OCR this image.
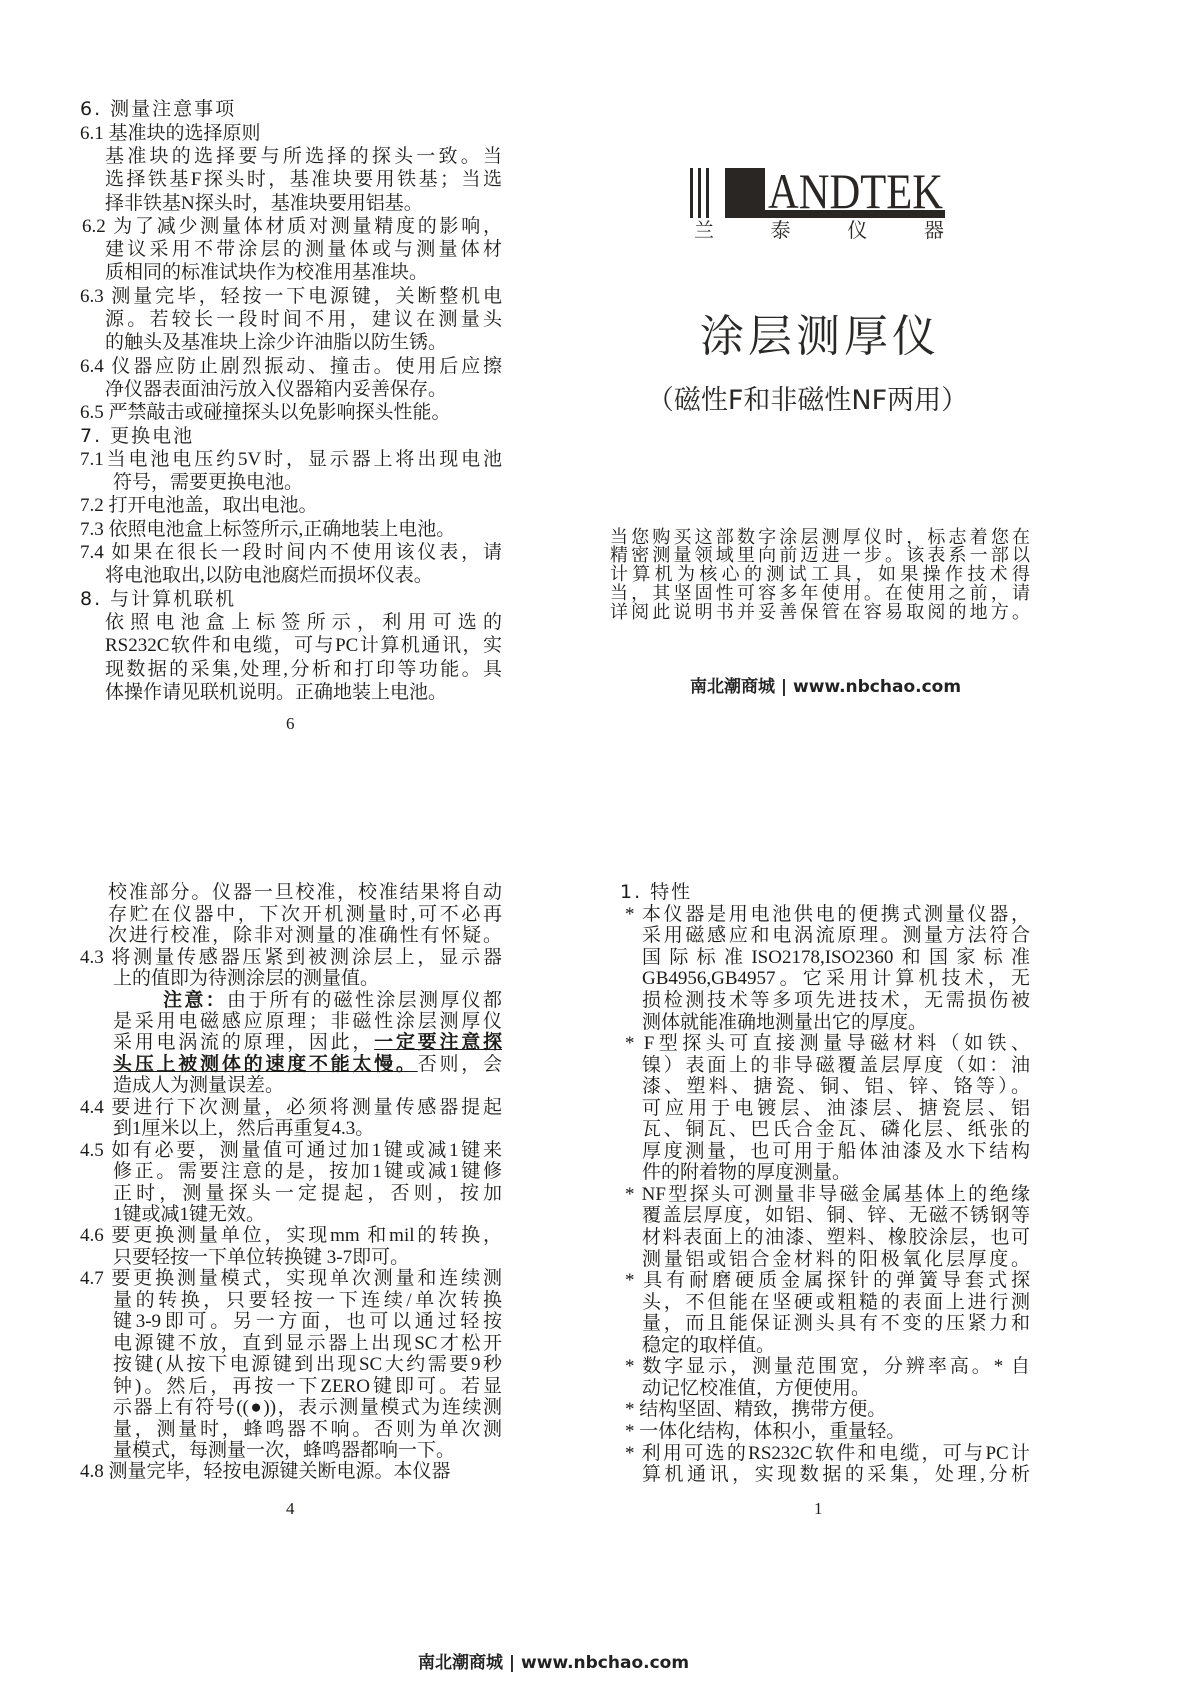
6. 测量注意事项
6.1 基准块的选择原则
基准块的选择要与所选择的探头一致。当
选择铁基F探头时，基准块要用铁基；当选
择非铁基N探头时，基准块要用铝基。
6.2 为了减少测量体材质对测量精度的影响，
建议采用不带涂层的测量体或与测量体材
质相同的标准试块作为校准用基准块。
6.3 测量完毕，轻按一下电源键，关断整机电
源。若较长一段时间不用，建议在测量头
的触头及基准块上涂少许油脂以防生锈。
6.4 仪器应防止剧烈振动、撞击。使用后应擦
净仪器表面油污放入仪器箱内妥善保存。
6.5 严禁敲击或碰撞探头以免影响探头性能。
7. 更换电池
7.1当电池电压约5V时，显示器上将出现电池
符号，需要更换电池。
7.2 打开电池盖，取出电池。
7.3 依照电池盒上标签所示,正确地装上电池。
7.4 如果在很长一段时间内不使用该仪表，请
将电池取出,以防电池腐烂而损坏仪表。
8. 与计算机联机
依照电池盒上标签所示，利用可选的
RS232C软件和电缆，可与PC计算机通讯，实
现数据的采集,处理,分析和打印等功能。具
体操作请见联机说明。正确地装上电池。
6
ANDTEK
兰 泰 仪 器
涂层测厚仪
（磁性F和非磁性NF两用）
当您购买这部数字涂层测厚仪时，标志着您在
精密测量领域里向前迈进一步。该表系一部以
计算机为核心的测试工具，如果操作技术得
当，其坚固性可容多年使用。在使用之前，请
详阅此说明书并妥善保管在容易取阅的地方。
南北潮商城 | www.nbchao.com
校准部分。仪器一旦校准，校准结果将自动
存贮在仪器中，下次开机测量时,可不必再
次进行校准，除非对测量的准确性有怀疑。
4.3 将测量传感器压紧到被测涂层上，显示器
上的值即为待测涂层的测量值。
注意：由于所有的磁性涂层测厚仪都
是采用电磁感应原理；非磁性涂层测厚仪
采用电涡流的原理，因此，一定要注意探
头压上被测体的速度不能太慢。否则，会
造成人为测量误差。
4.4 要进行下次测量，必须将测量传感器提起
到1厘米以上，然后再重复4.3。
4.5 如有必要，测量值可通过加1键或减1键来
修正。需要注意的是，按加1键或减1键修
正时，测量探头一定提起，否则，按加
1键或减1键无效。
4.6 要更换测量单位，实现mm 和mil的转换，
只要轻按一下单位转换键 3-7即可。
4.7 要更换测量模式，实现单次测量和连续测
量的转换，只要轻按一下连续/单次转换
键3-9即可。另一方面，也可以通过轻按
电源键不放，直到显示器上出现SC才松开
按键(从按下电源键到出现SC大约需要9秒
钟)。然后，再按一下ZERO键即可。若显
示器上有符号((●))，表示测量模式为连续测
量，测量时，蜂鸣器不响。否则为单次测
量模式，每测量一次，蜂鸣器都响一下。
4.8 测量完毕，轻按电源键关断电源。本仪器
4
1. 特性
* 本仪器是用电池供电的便携式测量仪器，
采用磁感应和电涡流原理。测量方法符合
国际标准ISO2178,ISO2360和国家标准
GB4956,GB4957。它采用计算机技术，无
损检测技术等多项先进技术，无需损伤被
测体就能准确地测量出它的厚度。
* F型探头可直接测量导磁材料（如铁、
镍）表面上的非导磁覆盖层厚度（如：油
漆、塑料、搪瓷、铜、铝、锌、铬等）。
可应用于电镀层、油漆层、搪瓷层、铝
瓦、铜瓦、巴氏合金瓦、磷化层、纸张的
厚度测量，也可用于船体油漆及水下结构
件的附着物的厚度测量。
* NF型探头可测量非导磁金属基体上的绝缘
覆盖层厚度，如铝、铜、锌、无磁不锈钢等
材料表面上的油漆、塑料、橡胶涂层，也可
测量铝或铝合金材料的阳极氧化层厚度。
* 具有耐磨硬质金属探针的弹簧导套式探
头，不但能在坚硬或粗糙的表面上进行测
量，而且能保证测头具有不变的压紧力和
稳定的取样值。
* 数字显示，测量范围宽，分辨率高。* 自
动记忆校准值，方便使用。
* 结构坚固、精致，携带方便。
* 一体化结构，体积小，重量轻。
* 利用可选的RS232C软件和电缆，可与PC计
算机通讯，实现数据的采集，处理,分析
1
南北潮商城 | www.nbchao.com
